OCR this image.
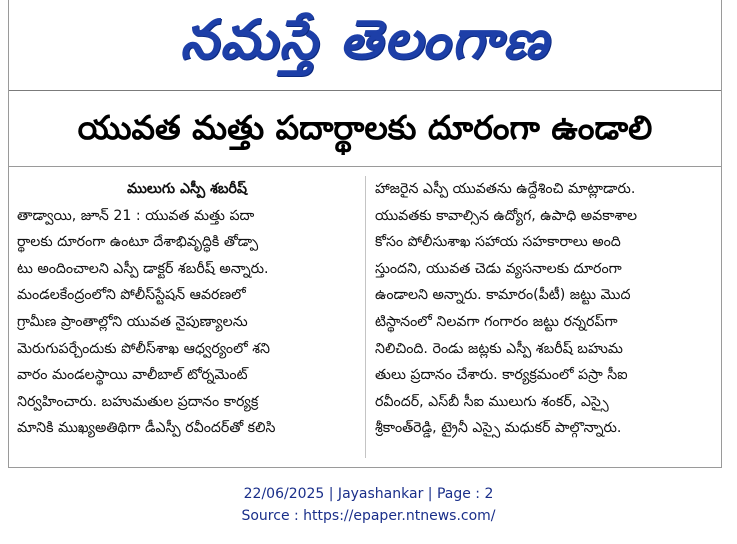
నమస్తే తెలంగాణ
యువత మత్తు పదార్థాలకు దూరంగా ఉండాలి
ములుగు ఎస్పీ శబరీష్
తాడ్వాయి, జూన్ 21 : యువత మత్తు పదా
ర్థాలకు దూరంగా ఉంటూ దేశాభివృద్ధికి తోడ్పా
టు అందించాలని ఎస్పీ డాక్టర్ శబరీష్ అన్నారు.
మండలకేంద్రంలోని పోలీస్‌స్టేషన్ ఆవరణలో
గ్రామీణ ప్రాంతాల్లోని యువత నైపుణ్యాలను
మెరుగుపర్చేందుకు పోలీస్‌శాఖ ఆధ్వర్యంలో శని
వారం మండలస్థాయి వాలీబాల్ టోర్నమెంట్
నిర్వహించారు. బహుమతుల ప్రదానం కార్యక్ర
మానికి ముఖ్యఅతిథిగా డీఎస్పీ రవీందర్‌తో కలిసి
హాజరైన ఎస్పీ యువతను ఉద్దేశించి మాట్లాడారు.
యువతకు కావాల్సిన ఉద్యోగ, ఉపాధి అవకాశాల
కోసం పోలీసుశాఖ సహాయ సహకారాలు అంది
స్తుందని, యువత చెడు వ్యసనాలకు దూరంగా
ఉండాలని అన్నారు. కామారం(పీటీ) జట్టు మొద
టిస్థానంలో నిలవగా గంగారం జట్టు రన్నరప్‌గా
నిలిచింది. రెండు జట్లకు ఎస్పీ శబరీష్ బహుమ
తులు ప్రదానం చేశారు. కార్యక్రమంలో పస్రా సీఐ
రవీందర్, ఎస్‌బీ సీఐ ములుగు శంకర్, ఎస్సై
శ్రీకాంత్‌రెడ్డి, ట్రైనీ ఎస్సై మధుకర్ పాల్గొన్నారు.
22/06/2025 | Jayashankar | Page : 2
Source : https://epaper.ntnews.com/
